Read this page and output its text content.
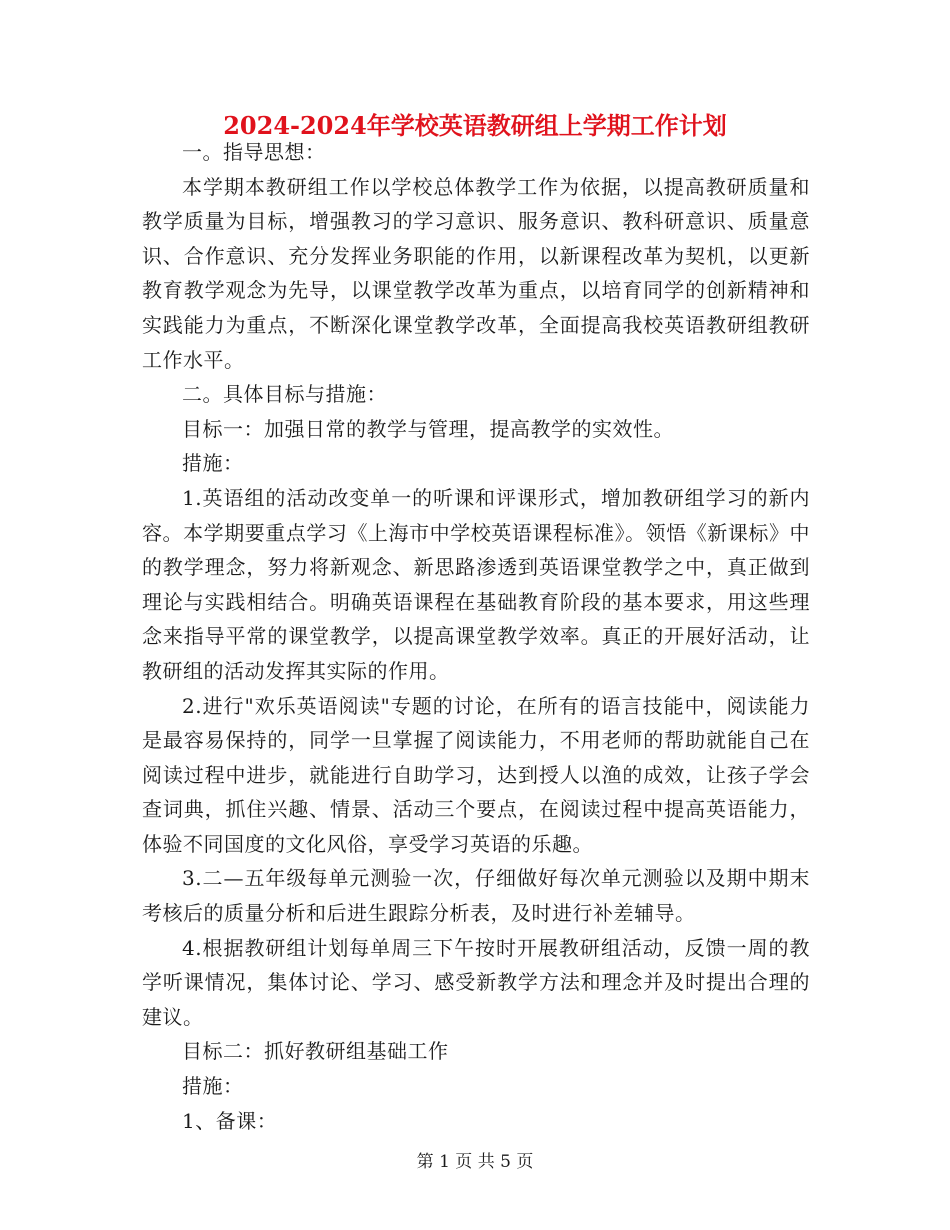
2024-2024年学校英语教研组上学期工作计划

一。指导思想：

本学期本教研组工作以学校总体教学工作为依据，以提高教研质量和教学质量为目标，增强教习的学习意识、服务意识、教科研意识、质量意识、合作意识、充分发挥业务职能的作用，以新课程改革为契机，以更新教育教学观念为先导，以课堂教学改革为重点，以培育同学的创新精神和实践能力为重点，不断深化课堂教学改革，全面提高我校英语教研组教研工作水平。

二。具体目标与措施：

目标一：加强日常的教学与管理，提高教学的实效性。

措施：

1.英语组的活动改变单一的听课和评课形式，增加教研组学习的新内容。本学期要重点学习《上海市中学校英语课程标准》。领悟《新课标》中的教学理念，努力将新观念、新思路渗透到英语课堂教学之中，真正做到理论与实践相结合。明确英语课程在基础教育阶段的基本要求，用这些理念来指导平常的课堂教学，以提高课堂教学效率。真正的开展好活动，让教研组的活动发挥其实际的作用。

2.进行"欢乐英语阅读"专题的讨论，在所有的语言技能中，阅读能力是最容易保持的，同学一旦掌握了阅读能力，不用老师的帮助就能自己在阅读过程中进步，就能进行自助学习，达到授人以渔的成效，让孩子学会查词典，抓住兴趣、情景、活动三个要点，在阅读过程中提高英语能力，体验不同国度的文化风俗，享受学习英语的乐趣。

3.二—五年级每单元测验一次，仔细做好每次单元测验以及期中期末考核后的质量分析和后进生跟踪分析表，及时进行补差辅导。

4.根据教研组计划每单周三下午按时开展教研组活动，反馈一周的教学听课情况，集体讨论、学习、感受新教学方法和理念并及时提出合理的建议。

目标二：抓好教研组基础工作

措施：

1、备课：

第 1 页 共 5 页
